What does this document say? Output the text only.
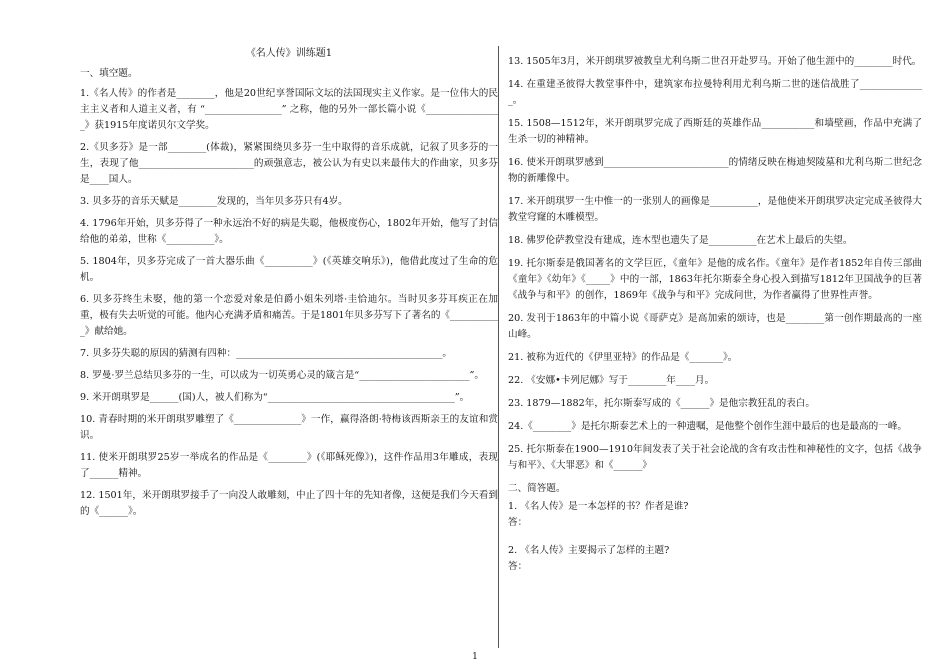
《名人传》训练题1
一、填空题。
1.《名人传》的作者是________，他是20世纪享誉国际文坛的法国现实主义作家。是一位伟大的民主主义者和人道主义者，有 “________________” 之称，他的另外一部长篇小说《________________》获1915年度诺贝尔文学奖。
2.《贝多芬》是一部________(体裁)，紧紧围绕贝多芬一生中取得的音乐成就，记叙了贝多芬的一生，表现了他________________________的顽强意志，被公认为有史以来最伟大的作曲家，贝多芬是____国人。
3. 贝多芬的音乐天赋是________发现的，当年贝多芬只有4岁。
4. 1796年开始，贝多芬得了一种永远治不好的病是失聪，他极度伤心，1802年开始，他写了封信给他的弟弟，世称《__________》。
5. 1804年，贝多芬完成了一首大器乐曲《__________》(《英雄交响乐》)，他借此度过了生命的危机。
6. 贝多芬终生未娶，他的第一个恋爱对象是伯爵小姐朱列塔·圭恰迪尔。当时贝多芬耳疾正在加重，极有失去听觉的可能。他内心充满矛盾和痛苦。于是1801年贝多芬写下了著名的《___________》献给她。
7. 贝多芬失聪的原因的猜测有四种：___________________________________________。
8. 罗曼·罗兰总结贝多芬的一生，可以成为一切英勇心灵的箴言是“_______________________”。
9. 米开朗琪罗是______(国)人，被人们称为“_______________________________________”。
10. 青春时期的米开朗琪罗雕塑了《______________》一作，赢得洛朗·特梅该西斯亲王的友谊和赏识。
11. 使米开朗琪罗25岁一举成名的作品是《________》(《耶稣死像》)，这件作品用3年雕成，表现了______精神。
12. 1501年，米开朗琪罗接手了一向没人敢雕刻，中止了四十年的先知者像，这便是我们今天看到的《______》。
13. 1505年3月，米开朗琪罗被教皇尤利乌斯二世召开赴罗马。开始了他生涯中的________时代。
14. 在重建圣彼得大教堂事件中，建筑家布拉曼特利用尤利乌斯二世的迷信战胜了______________。
15. 1508—1512年，米开朗琪罗完成了西斯廷的英雄作品___________和墙壁画，作品中充满了生杀一切的神精神。
16. 使米开朗琪罗感到__________________________的情绪反映在梅迪契陵墓和尤利乌斯二世纪念物的新雕像中。
17. 米开朗琪罗一生中惟一的一张别人的画像是__________，是他使米开朗琪罗决定完成圣彼得大教堂穹窿的木雕模型。
18. 佛罗伦萨教堂没有建成，连木型也遗失了是__________在艺术上最后的失望。
19. 托尔斯泰是俄国著名的文学巨匠，《童年》是他的成名作。《童年》是作者1852年自传三部曲《童年》《幼年》《_____》中的一部，1863年托尔斯泰全身心投入到描写1812年卫国战争的巨著《战争与和平》的创作，1869年《战争与和平》完成问世，为作者赢得了世界性声誉。
20. 发刊于1863年的中篇小说《哥萨克》是高加索的颂诗，也是________第一创作期最高的一座山峰。
21. 被称为近代的《伊里亚特》的作品是《_______》。
22. 《安娜•卡列尼娜》写于________年____月。
23. 1879—1882年，托尔斯泰写成的《______》是他宗教狂乱的表白。
24.《________》是托尔斯泰艺术上的一种遗嘱，是他整个创作生涯中最后的也是最高的一峰。
25. 托尔斯泰在1900—1910年间发表了关于社会论战的含有攻击性和神秘性的文字，包括《战争与和平》、《大罪恶》和《______》
二、简答题。
1. 《名人传》是一本怎样的书？作者是谁?
答：
2. 《名人传》主要揭示了怎样的主题?
答：
1
